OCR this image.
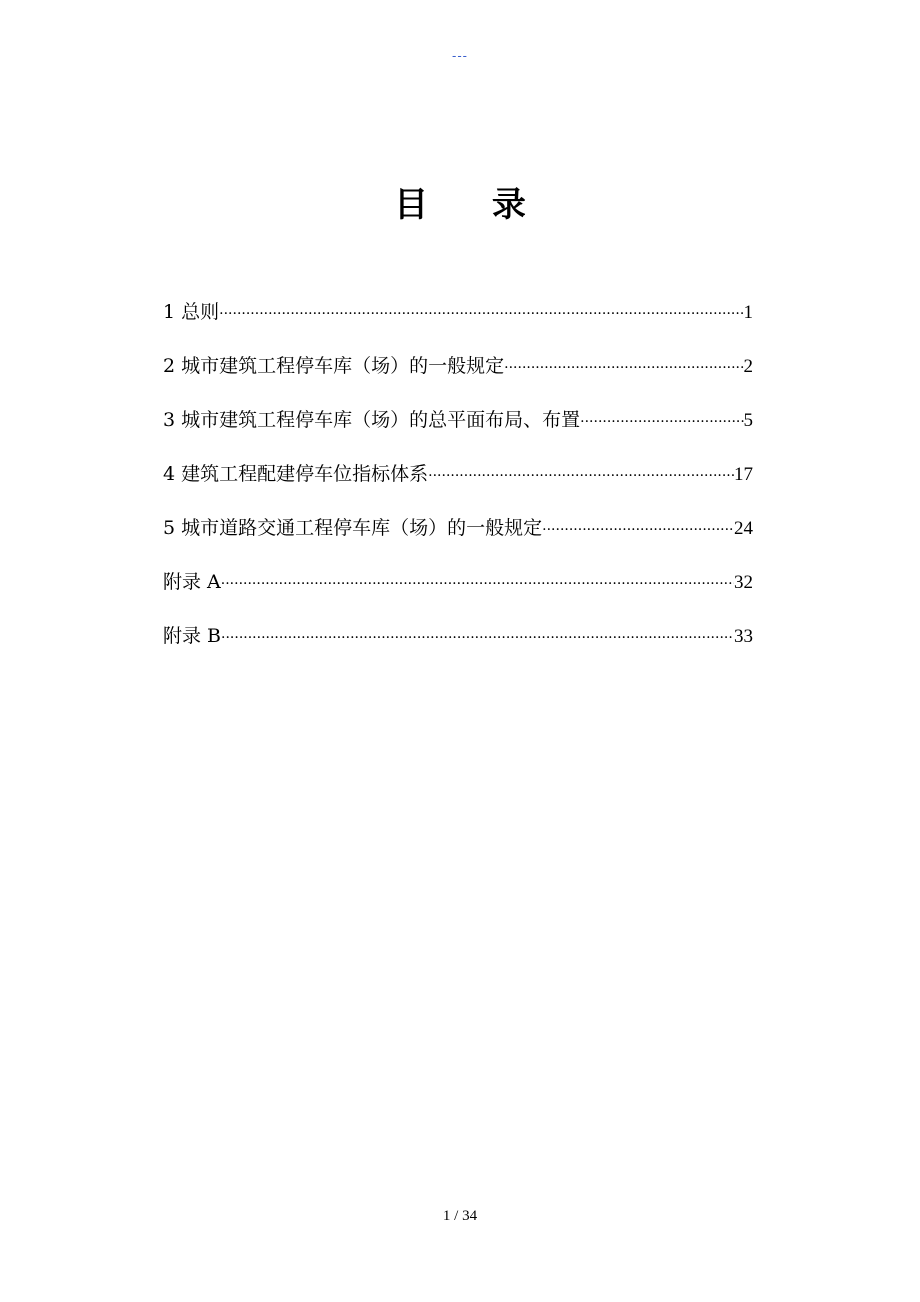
---
目 录
1 总则 ·····	1
2 城市建筑工程停车库（场）的一般规定 ·····	2
3 城市建筑工程停车库（场）的总平面布局、布置 ·····	5
4 建筑工程配建停车位指标体系 ·····	17
5 城市道路交通工程停车库（场）的一般规定 ·····	24
附录 A ·····	32
附录 B ·····	33
1 / 34
